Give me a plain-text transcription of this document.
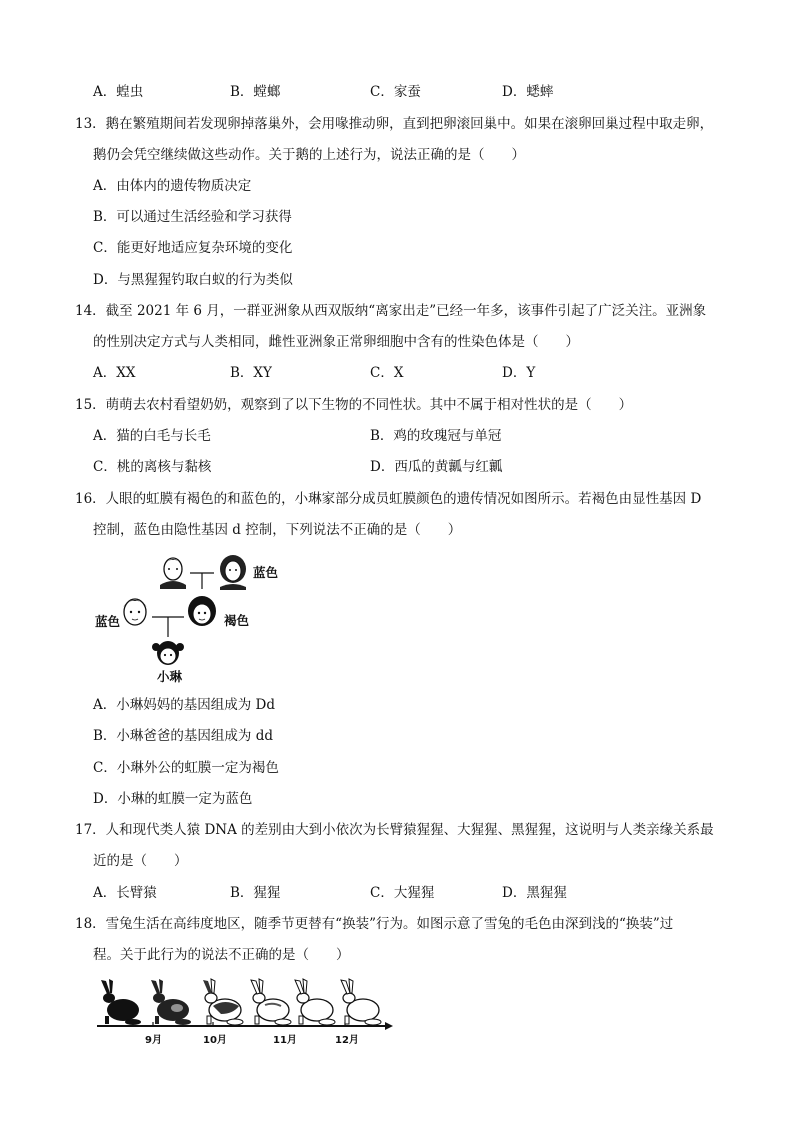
A．蝗虫	B．螳螂	C．家蚕	D．蟋蟀
13．鹅在繁殖期间若发现卵掉落巢外，会用喙推动卵，直到把卵滚回巢中。如果在滚卵回巢过程中取走卵，
鹅仍会凭空继续做这些动作。关于鹅的上述行为，说法正确的是（　　）
A．由体内的遗传物质决定
B．可以通过生活经验和学习获得
C．能更好地适应复杂环境的变化
D．与黑猩猩钓取白蚁的行为类似
14．截至 2021 年 6 月，一群亚洲象从西双版纳“离家出走”已经一年多，该事件引起了广泛关注。亚洲象
的性别决定方式与人类相同，雌性亚洲象正常卵细胞中含有的性染色体是（　　）
A．XX	B．XY	C．X	D．Y
15．萌萌去农村看望奶奶，观察到了以下生物的不同性状。其中不属于相对性状的是（　　）
A．猫的白毛与长毛	B．鸡的玫瑰冠与单冠
C．桃的离核与黏核	D．西瓜的黄瓤与红瓤
16．人眼的虹膜有褐色的和蓝色的，小琳家部分成员虹膜颜色的遗传情况如图所示。若褐色由显性基因 D
控制，蓝色由隐性基因 d 控制，下列说法不正确的是（　　）
蓝色
蓝色	褐色
小琳
A．小琳妈妈的基因组成为 Dd
B．小琳爸爸的基因组成为 dd
C．小琳外公的虹膜一定为褐色
D．小琳的虹膜一定为蓝色
17．人和现代类人猿 DNA 的差别由大到小依次为长臂猿猩猩、大猩猩、黑猩猩，这说明与人类亲缘关系最
近的是（　　）
A．长臂猿	B．猩猩	C．大猩猩	D．黑猩猩
18．雪兔生活在高纬度地区，随季节更替有“换装”行为。如图示意了雪兔的毛色由深到浅的“换装”过
程。关于此行为的说法不正确的是（　　）
9月	10月	11月	12月
